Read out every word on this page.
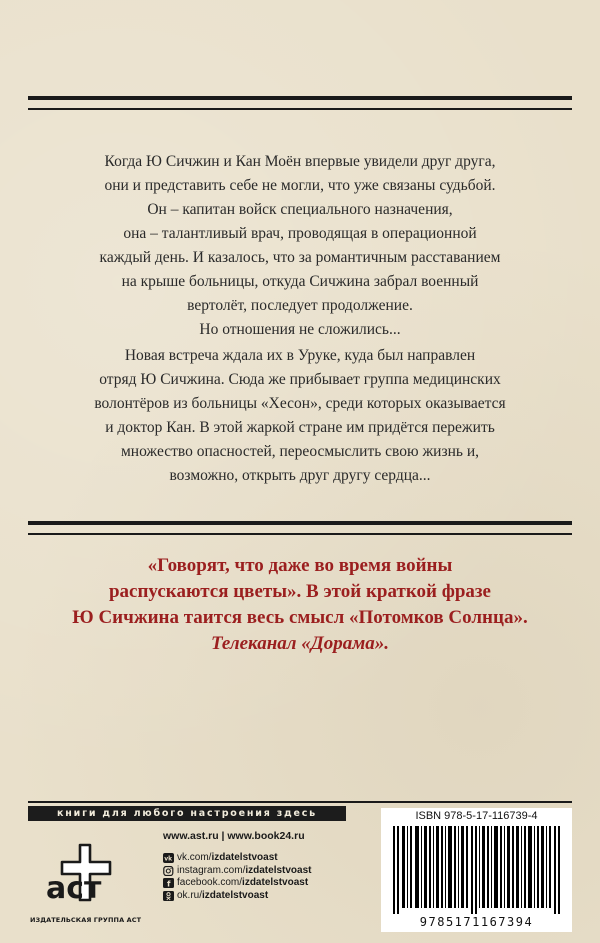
Когда Ю Сичжин и Кан Моён впервые увидели друг друга,
они и представить себе не могли, что уже связаны судьбой.
Он – капитан войск специального назначения,
она – талантливый врач, проводящая в операционной
каждый день. И казалось, что за романтичным расставанием
на крыше больницы, откуда Сичжина забрал военный
вертолёт, последует продолжение.
Но отношения не сложились...
Новая встреча ждала их в Уруке, куда был направлен
отряд Ю Сичжина. Сюда же прибывает группа медицинских
волонтёров из больницы «Хесон», среди которых оказывается
и доктор Кан. В этой жаркой стране им придётся пережить
множество опасностей, переосмыслить свою жизнь и,
возможно, открыть друг другу сердца...
«Говорят, что даже во время войны
распускаются цветы». В этой краткой фразе
Ю Сичжина таится весь смысл «Потомков Солнца».
Телеканал «Дорама».
книги для любого настроения здесь
аст
ИЗДАТЕЛЬСКАЯ ГРУППА АСТ
www.ast.ru | www.book24.ru
vk vk.com/ izdatelstvoast
instagram.com/ izdatelstvoast
f facebook.com/ izdatelstvoast
ok.ru/ izdatelstvoast
ISBN 978-5-17-116739-4
9785171167394
